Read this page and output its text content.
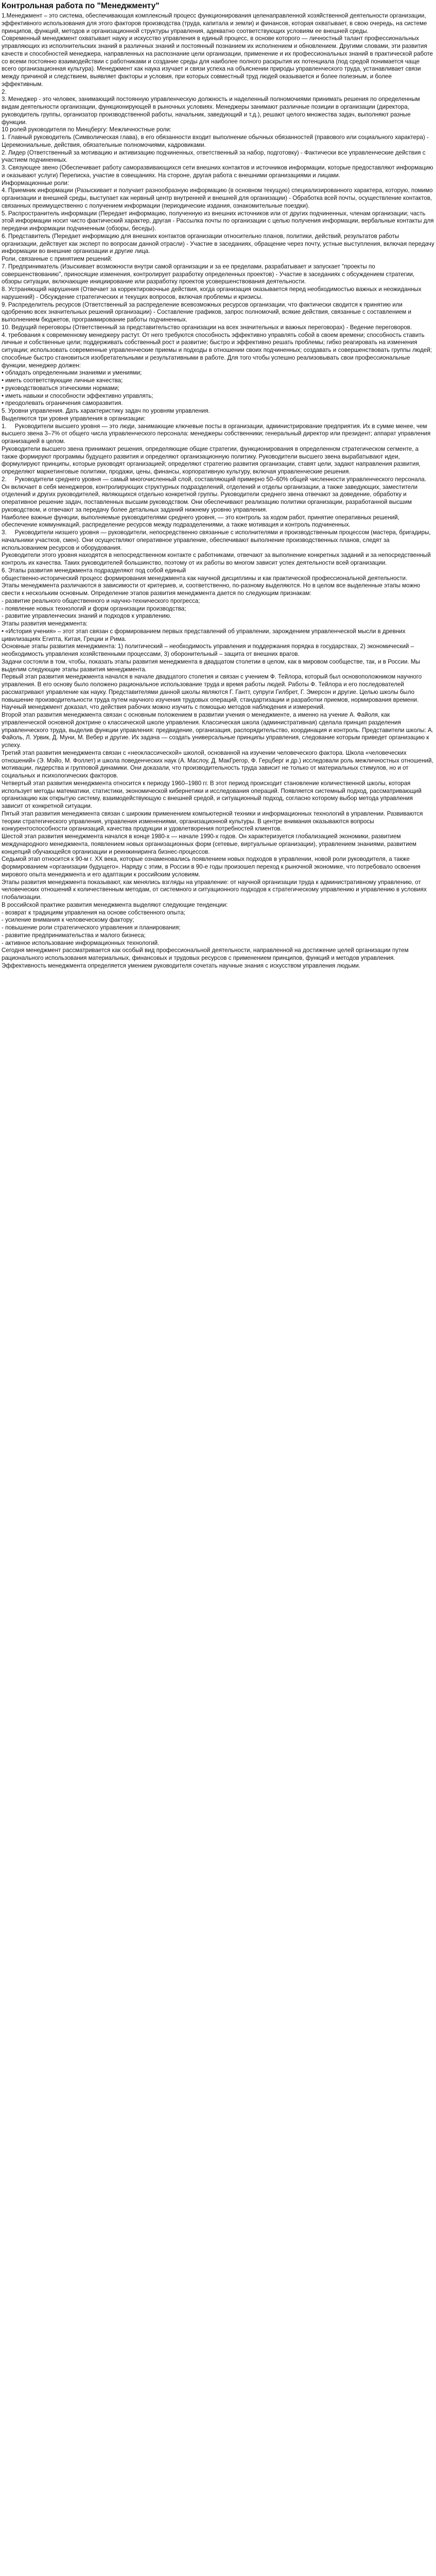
Контрольная работа по "Менеджменту"

1.Менеджмент – это система, обеспечивающая комплексный процесс функционирования целенаправленной хозяйственной деятельности организации, эффективного использования для этого факторов производства (труда, капитала и земли) и финансов, которая охватывает, в свою очередь, на системе принципов, функций, методов и организационной структуры управления, адекватно соответствующих условиям ее внешней среды.

Современный менеджмент охватывает науку и искусство управления в единый процесс, в основе которого — личностный талант профессиональных управляющих из исполнительских знаний в различных знаний и постоянный познанием их исполнением и обновлением. Другими словами, эти развития качеств и способностей менеджера, направленных на распознание цели организации, применение и их профессиональных знаний в практической работе со всеми постоянно взаимодействии с работниками и создание среды для наиболее полного раскрытия их потенциала (под средой понимается чаще всего организационная культура). Менеджмент как наука изучает и связи успеха на объяснении природы управленческого труда, устанавливает связи между причиной и следствием, выявляет факторы и условия, при которых совместный труд людей оказывается и более полезным, и более эффективным.

2.

3. Менеджер - это человек, занимающий постоянную управленческую должность и наделенный полномочиями принимать решения по определенным видам деятельности организации, функционирующей в рыночных условиях. Менеджеры занимают различные позиции в организации (директора, руководитель группы, организатор производственной работы, начальник, заведующий и т.д.), решают целого множества задач, выполняют разные функции.

10 ролей руководителя по Минцбергу: Межличностные роли:

1. Главный руководитель (Символическая глава), в его обязанности входит выполнение обычных обязанностей (правового или социального характера) - Церемониальные, действия, обязательные полномочиями, кадровиками.

2. Лидер (Ответственный за мотивацию и активизацию подчиненных, ответственный за набор, подготовку) - Фактически все управленческие действия с участием подчиненных.

3. Связующее звено (Обеспечивает работу саморазвивающихся сети внешних контактов и источников информации, которые предоставляют информацию и оказывают услуги) Переписка, участие в совещаниях. На стороне, другая работа с внешними организациями и лицами.

Информационные роли:

4. Приемник информации (Разыскивает и получает разнообразную информацию (в основном текущую) специализированного характера, которую, помимо организации и внешней среды, выступает как нервный центр внутренней и внешней для организации) - Обработка всей почты, осуществление контактов, связанных преимущественно с получением информации (периодические издания, ознакомительные поездки).

5. Распространитель информации (Передает информацию, полученную из внешних источников или от других подчиненных, членам организации; часть этой информации носит чисто фактический характер, другая - Рассылка почты по организации с целью получения информации, вербальные контакты для передачи информации подчиненным (обзоры, беседы).

6. Представитель (Передает информацию для внешних контактов организации относительно планов, политики, действий, результатов работы организации, действует как эксперт по вопросам данной отрасли) - Участие в заседаниях, обращение через почту, устные выступления, включая передачу информации во внешние организации и другие лица.

Роли, связанные с принятием решений:

7. Предприниматель (Изыскивает возможности внутри самой организации и за ее пределами, разрабатывает и запускает "проекты по совершенствованию", приносящие изменения, контролирует разработку определенных проектов) - Участие в заседаниях с обсуждением стратегии, обзоры ситуации, включающие инициирование или разработку проектов усовершенствования деятельности.

8. Устраняющий нарушения (Отвечает за корректировочные действия, когда организация оказывается перед необходимостью важных и неожиданных нарушений) - Обсуждение стратегических и текущих вопросов, включая проблемы и кризисы.

9. Распределитель ресурсов (Ответственный за распределение всевозможных ресурсов организации, что фактически сводится к принятию или одобрению всех значительных решений организации) - Составление графиков, запрос полномочий, всякие действия, связанные с составлением и выполнением бюджетов, программирование работы подчиненных.

10. Ведущий переговоры (Ответственный за представительство организации на всех значительных и важных переговорах) - Ведение переговоров.

4. требования к современному менеджеру растут. От него требуются способность эффективно управлять собой в своем времени; способность ставить личные и собственные цели; поддерживать собственный рост и развитие; быстро и эффективно решать проблемы; гибко реагировать на изменения ситуации; использовать современные управленческие приемы и подходы в отношении своих подчиненных; создавать и совершенствовать группы людей; способные быстро становиться изобретательными и результативными в работе. Для того чтобы успешно реализовывать свои профессиональные функции, менеджер должен:

• обладать определенными знаниями и умениями;

• иметь соответствующие личные качества;

• руководствоваться этическими нормами;

• иметь навыки и способности эффективно управлять;

• преодолевать ограничения саморазвития.

5. Уровни управления. Дать характеристику задач по уровням управления.

Выделяются три уровня управления в организации:

1.     Руководители высшего уровня — это люди, занимающие ключевые посты в организации, администрирование предприятия. Их в сумме менее, чем высшего звена 3–7% от общего числа управленческого персонала: менеджеры собственники; генеральный директор или президент; аппарат управления организацией в целом.

Руководители высшего звена принимают решения, определяющие общие стратегии, функционирования в определенном стратегическом сегменте, а также формируют программы будущего развития и определяют организационную политику. Руководители высшего звена вырабатывают идеи, формулируют принципы, которые руководят организацией; определяют стратегию развития организации, ставят цели, задают направления развития, определяют маркетинговые политики, продажи, цены, финансы, корпоративную культуру, включая управленческие решения.

2.     Руководители среднего уровня — самый многочисленный слой, составляющий примерно 50–60% общей численности управленческого персонала. Он включает в себя менеджеров, контролирующих структурных подразделений, отделений и отделы организации, а также заведующих, заместители отделений и других руководителей, являющихся отдельно конкретной группы. Руководители среднего звена отвечают за доведение, обработку и оперативное решение задач, поставленных высшим руководством. Они обеспечивают реализацию политики организации, разработанной высшим руководством, и отвечают за передачу более детальных заданий нижнему уровню управления.

Наиболее важные функции, выполняемые руководителями среднего уровня, — это контроль за ходом работ, принятие оперативных решений, обеспечение коммуникаций, распределение ресурсов между подразделениями, а также мотивация и контроль подчиненных.

3.     Руководители низшего уровня — руководители, непосредственно связанные с исполнителями и производственным процессом (мастера, бригадиры, начальники участков, смен). Они осуществляют оперативное управление, обеспечивают выполнение производственных планов, следят за использованием ресурсов и оборудования.

Руководители этого уровня находятся в непосредственном контакте с работниками, отвечают за выполнение конкретных заданий и за непосредственный контроль их качества. Таких руководителей большинство, поэтому от их работы во многом зависит успех деятельности всей организации.

6. Этапы развития менеджмента подразделяют под собой единый
общественно-исторический процесс формирования менеджмента как научной дисциплины и как практической профессиональной деятельности.

Этапы менеджмента различаются в зависимости от критериев, и, соответственно, по-разному выделяются. Но в целом все выделенные этапы можно свести к нескольким основным. Определение этапов развития менеджмента дается по следующим признакам:

- развитие реального общественного и научно-технического прогресса;

- появление новых технологий и форм организации производства;

- развитие управленческих знаний и подходов к управлению.

Этапы развития менеджмента:

• «История учения» – этот этап связан с формированием первых представлений об управлении, зарождением управленческой мысли в древних цивилизациях Египта, Китая, Греции и Рима.

Основные этапы развития менеджмента: 1) политический – необходимость управления и поддержания порядка в государствах, 2) экономический – необходимость управления хозяйственными процессами, 3) оборонительный – защита от внешних врагов.

Задачи состояли в том, чтобы, показать этапы развития менеджмента в двадцатом столетии в целом, как в мировом сообществе, так, и в России. Мы выделим следующие этапы развития менеджмента.

Первый этап развития менеджмента начался в начале двадцатого столетия и связан с учением Ф. Тейлора, который был основоположником научного управления. В его основу было положено рациональное использование труда и время работы людей. Работы Ф. Тейлора и его последователей рассматривают управление как науку. Представителями данной школы являются Г. Гантт, супруги Гилбрет, Г. Эмерсон и другие. Целью школы было повышение производительности труда путем научного изучения трудовых операций, стандартизации и разработки приемов, нормирования времени. Научный менеджмент доказал, что действия рабочих можно изучить с помощью методов наблюдения и измерений.

Второй этап развития менеджмента связан с основным положением в развитии учения о менеджменте, а именно на учение А. Файоля, как управленческой основной доктрине о классической школе управления. Классическая школа (административная) сделала принцип разделения управленческого труда, выделив функции управления: предвидение, организация, распорядительство, координация и контроль. Представители школы: А. Файоль, Л. Урвик, Д. Муни, М. Вебер и другие. Их задача — создать универсальные принципы управления, следование которым приведет организацию к успеху.

Третий этап развития менеджмента связан с «неоклассической» школой, основанной на изучении человеческого фактора. Школа «человеческих отношений» (Э. Мэйо, М. Фоллет) и школа поведенческих наук (А. Маслоу, Д. МакГрегор, Ф. Герцберг и др.) исследовали роль межличностных отношений, мотивации, лидерства и групповой динамики. Они доказали, что производительность труда зависит не только от материальных стимулов, но и от социальных и психологических факторов.

Четвертый этап развития менеджмента относится к периоду 1960–1980 гг. В этот период происходит становление количественной школы, которая использует методы математики, статистики, экономической кибернетики и исследования операций. Появляется системный подход, рассматривающий организацию как открытую систему, взаимодействующую с внешней средой, и ситуационный подход, согласно которому выбор метода управления зависит от конкретной ситуации.

Пятый этап развития менеджмента связан с широким применением компьютерной техники и информационных технологий в управлении. Развиваются теории стратегического управления, управления изменениями, организационной культуры. В центре внимания оказываются вопросы конкурентоспособности организаций, качества продукции и удовлетворения потребностей клиентов.

Шестой этап развития менеджмента начался в конце 1980-х — начале 1990-х годов. Он характеризуется глобализацией экономики, развитием международного менеджмента, появлением новых организационных форм (сетевые, виртуальные организации), управлением знаниями, развитием концепций обучающейся организации и реинжиниринга бизнес-процессов.

Седьмой этап относится к 90-м г. ХХ века, которые ознаменовались появлением новых подходов в управлении, новой роли руководителя, а также формированием «организации будущего». Наряду с этим, в России в 90-е годы произошел переход к рыночной экономике, что потребовало освоения мирового опыта менеджмента и его адаптации к российским условиям.

Этапы развития менеджмента показывают, как менялись взгляды на управление: от научной организации труда к административному управлению, от человеческих отношений к количественным методам, от системного и ситуационного подходов к стратегическому управлению и управлению в условиях глобализации.

В российской практике развития менеджмента выделяют следующие тенденции:

- возврат к традициям управления на основе собственного опыта;

- усиление внимания к человеческому фактору;

- повышение роли стратегического управления и планирования;

- развитие предпринимательства и малого бизнеса;

- активное использование информационных технологий.

Сегодня менеджмент рассматривается как особый вид профессиональной деятельности, направленной на достижение целей организации путем рационального использования материальных, финансовых и трудовых ресурсов с применением принципов, функций и методов управления. Эффективность менеджмента определяется умением руководителя сочетать научные знания с искусством управления людьми.
